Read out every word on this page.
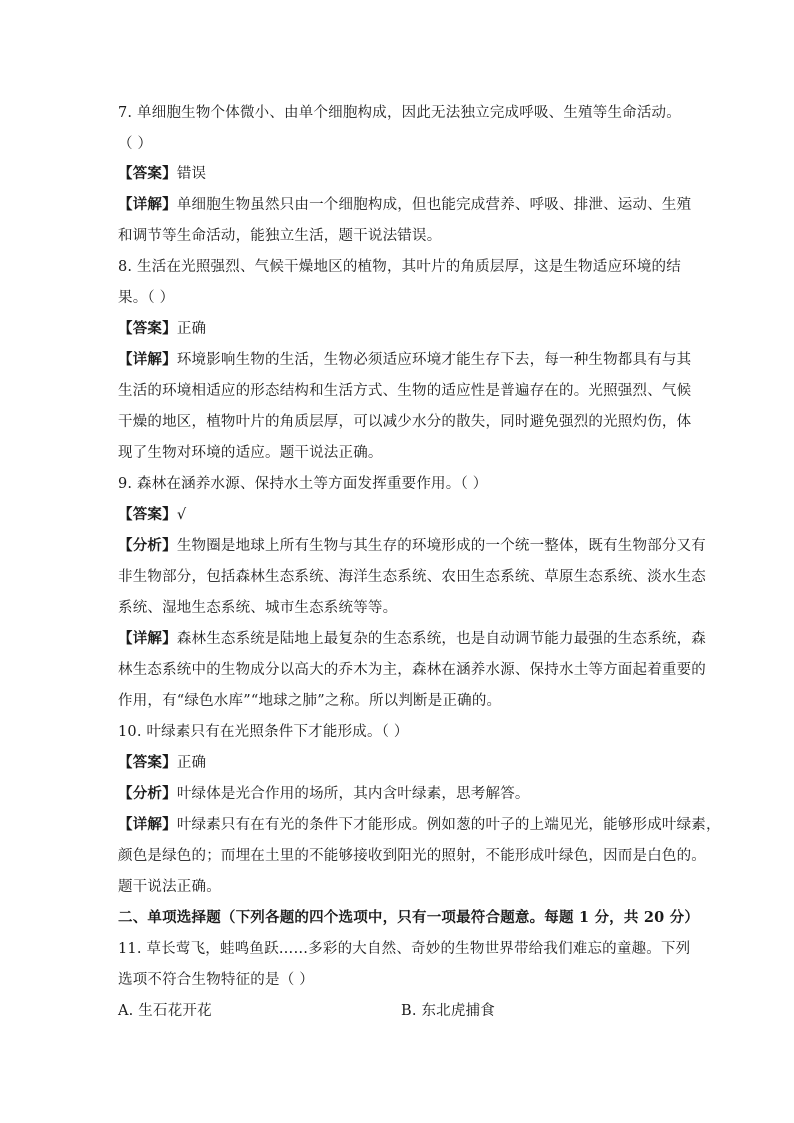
7. 单细胞生物个体微小、由单个细胞构成，因此无法独立完成呼吸、生殖等生命活动。
（ ）
【答案】错误
【详解】单细胞生物虽然只由一个细胞构成，但也能完成营养、呼吸、排泄、运动、生殖
和调节等生命活动，能独立生活，题干说法错误。
8. 生活在光照强烈、气候干燥地区的植物，其叶片的角质层厚，这是生物适应环境的结
果。（ ）
【答案】正确
【详解】环境影响生物的生活，生物必须适应环境才能生存下去，每一种生物都具有与其
生活的环境相适应的形态结构和生活方式、生物的适应性是普遍存在的。光照强烈、气候
干燥的地区，植物叶片的角质层厚，可以减少水分的散失，同时避免强烈的光照灼伤，体
现了生物对环境的适应。题干说法正确。
9. 森林在涵养水源、保持水土等方面发挥重要作用。（ ）
【答案】√
【分析】生物圈是地球上所有生物与其生存的环境形成的一个统一整体，既有生物部分又有
非生物部分，包括森林生态系统、海洋生态系统、农田生态系统、草原生态系统、淡水生态
系统、湿地生态系统、城市生态系统等等。
【详解】森林生态系统是陆地上最复杂的生态系统，也是自动调节能力最强的生态系统，森
林生态系统中的生物成分以高大的乔木为主，森林在涵养水源、保持水土等方面起着重要的
作用，有“绿色水库”“地球之肺”之称。所以判断是正确的。
10. 叶绿素只有在光照条件下才能形成。（ ）
【答案】正确
【分析】叶绿体是光合作用的场所，其内含叶绿素，思考解答。
【详解】叶绿素只有在有光的条件下才能形成。例如葱的叶子的上端见光，能够形成叶绿素，
颜色是绿色的；而埋在土里的不能够接收到阳光的照射，不能形成叶绿色，因而是白色的。
题干说法正确。
二、单项选择题（下列各题的四个选项中，只有一项最符合题意。每题 1 分，共 20 分）
11. 草长莺飞，蛙鸣鱼跃……多彩的大自然、奇妙的生物世界带给我们难忘的童趣。下列
选项不符合生物特征的是（ ）
A. 生石花开花	B. 东北虎捕食
